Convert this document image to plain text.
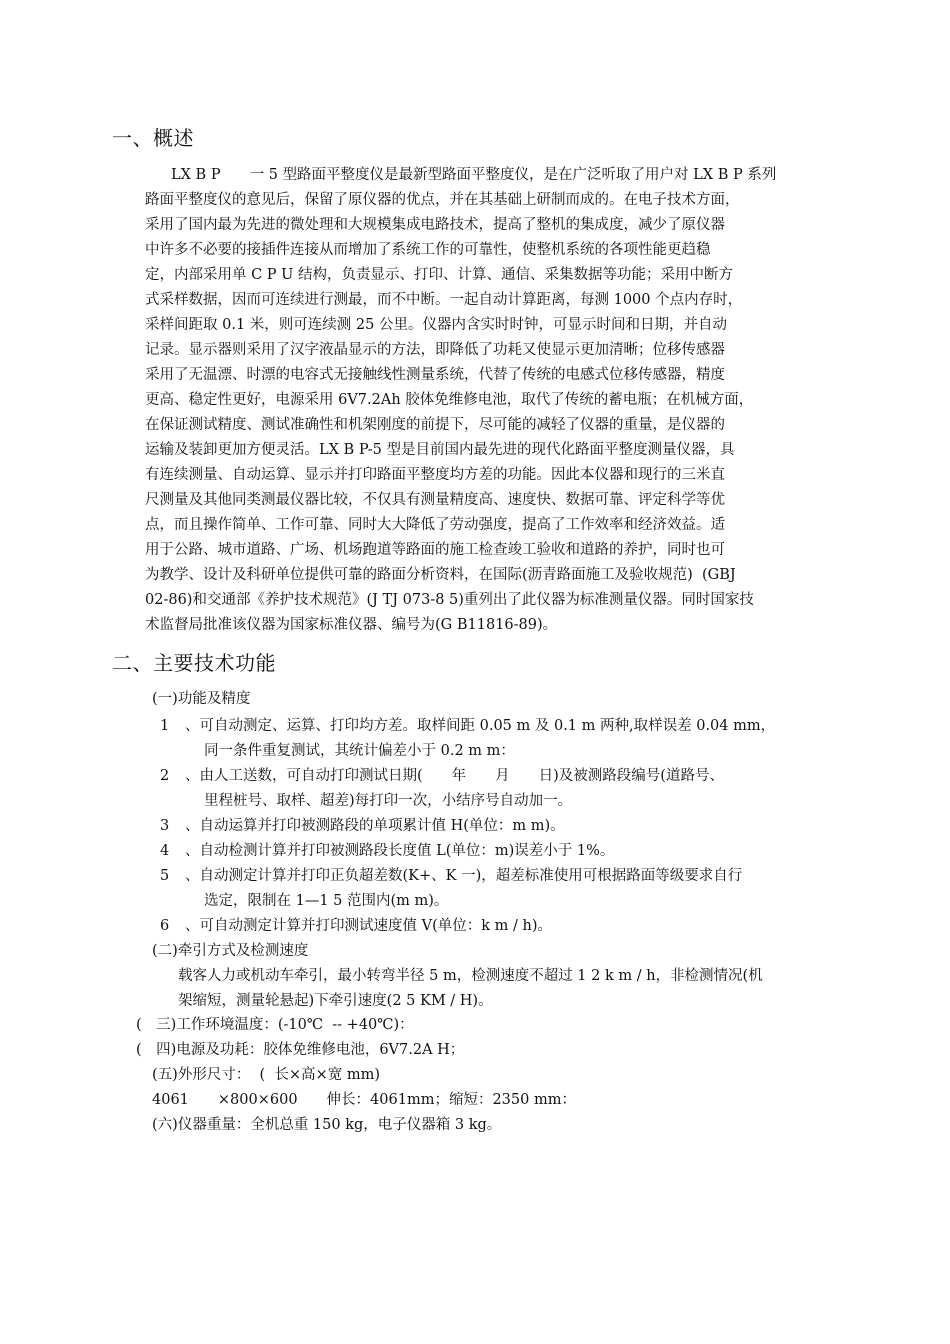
一、概述
LX B P　　一 5 型路面平整度仪是最新型路面平整度仪，是在广泛听取了用户对 LX B P 系列
路面平整度仪的意见后，保留了原仪器的优点，并在其基础上研制而成的。在电子技术方面，
采用了国内最为先进的微处理和大规模集成电路技术，提高了整机的集成度，减少了原仪器
中许多不必要的接插件连接从而增加了系统工作的可靠性，使整机系统的各项性能更趋稳
定，内部采用单 C P U 结构，负责显示、打印、计算、通信、采集数据等功能；采用中断方
式采样数据，因而可连续进行测最，而不中断。一起自动计算距离，每测 1000 个点内存时，
采样间距取 0.1 米，则可连续测 25 公里。仪器内含实时时钟，可显示时间和日期，并自动
记录。显示器则采用了汉字液晶显示的方法，即降低了功耗又使显示更加清晰；位移传感器
采用了无温漂、时漂的电容式无接触线性测量系统，代替了传统的电感式位移传感器，精度
更高、稳定性更好，电源采用 6V7.2Ah 胶体免维修电池，取代了传统的蓄电瓶；在机械方面，
在保证测试精度、测试准确性和机架刚度的前提下，尽可能的减轻了仪器的重量，是仪器的
运输及装卸更加方便灵活。LX B P-5 型是目前国内最先进的现代化路面平整度测量仪器，具
有连续测量、自动运算、显示并打印路面平整度均方差的功能。因此本仪器和现行的三米直
尺测量及其他同类测最仪器比较，不仅具有测量精度高、速度快、数据可靠、评定科学等优
点，而且操作简单、工作可靠、同时大大降低了劳动强度，提高了工作效率和经济效益。适
用于公路、城市道路、广场、机场跑道等路面的施工检查竣工验收和道路的养护，同时也可
为教学、设计及科研单位提供可靠的路面分析资料，在国际(沥青路面施工及验收规范)  (GBJ
02-86)和交通部《养护技术规范》(J TJ 073-8 5)重列出了此仪器为标准测量仪器。同时国家技
术监督局批准该仪器为国家标准仪器、编号为(G B11816-89)。
二、主要技术功能
(一)功能及精度
1 、可自动测定、运算、打印均方差。取样间距 0.05 m 及 0.1 m 两种,取样误差 0.04 mm，
同一条件重复测试，其统计偏差小于 0.2 m m：
2 、由人工送数，可自动打印测试日期(　　年　　月　　日)及被测路段编号(道路号、
里程桩号、取样、超差)每打印一次，小结序号自动加一。
3 、自动运算并打印被测路段的单项累计值 H(单位：m m)。
4 、自动检测计算并打印被测路段长度值 L(单位：m)误差小于 1%。
5 、自动测定计算并打印正负超差数(K+、K 一)，超差标准使用可根据路面等级要求自行
选定，限制在 1—1 5 范围内(m m)。
6 、可自动测定计算并打印测试速度值 V(单位：k m / h)。
(二)牵引方式及检测速度
载客人力或机动车牵引，最小转弯半径 5 m，检测速度不超过 1 2 k m / h，非检测情况(机
架缩短，测量轮悬起)下牵引速度(2 5 KM / H)。
(　三)工作环境温度：(-10℃  -- +40℃)：
(　四)电源及功耗：胶体免维修电池，6V7.2A H；
(五)外形尺寸：  (  长×高×宽 mm)
4061　　×800×600　　伸长：4061mm；缩短：2350 mm：
(六)仪器重量：全机总重 150 kg，电子仪器箱 3 kg。
